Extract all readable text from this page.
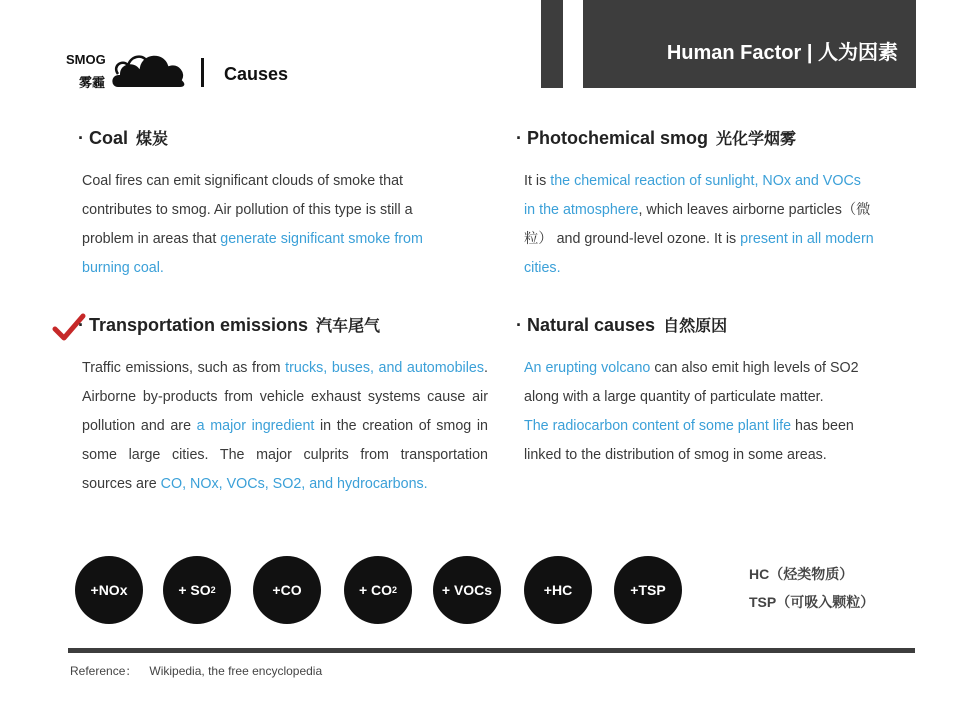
Human Factor | 人为因素
SMOG
雾霾	Causes
· Coal 煤炭

Coal fires can emit significant clouds of smoke that contributes to smog. Air pollution of this type is still a problem in areas that generate significant smoke from burning coal.

· Photochemical smog 光化学烟雾

It is the chemical reaction of sunlight, NOx and VOCs in the atmosphere, which leaves airborne particles（微粒） and ground-level ozone. It is present in all modern cities.

· Transportation emissions 汽车尾气

Traffic emissions, such as from trucks, buses, and automobiles. Airborne by-products from vehicle exhaust systems cause air pollution and are a major ingredient in the creation of smog in some large cities. The major culprits from transportation sources are CO, NOx, VOCs, SO2, and hydrocarbons.

· Natural causes 自然原因

An erupting volcano can also emit high levels of SO2 along with a large quantity of particulate matter.

The radiocarbon content of some plant life has been linked to the distribution of smog in some areas.

+NOx	+ SO 2	+CO	+ CO 2	+ VOCs	+HC	+TSP
HC（烃类物质）
TSP（可吸入颗粒）
Reference： Wikipedia, the free encyclopedia
